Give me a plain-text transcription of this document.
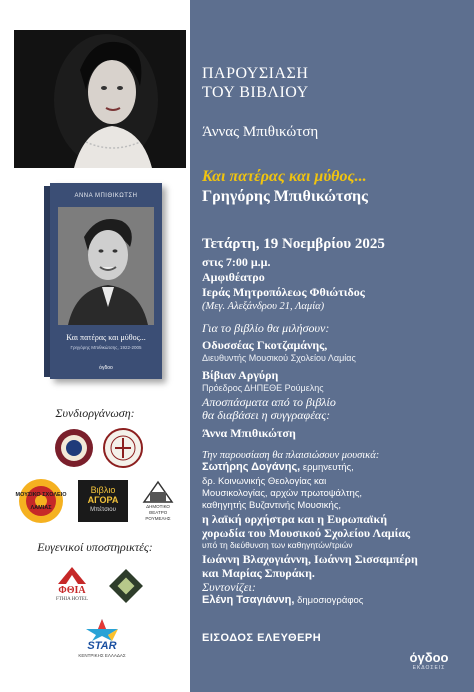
ΑΝΝΑ ΜΠΙΘΙΚΩΤΣΗ
Και πατέρας και μύθος...
Γρηγόρης Μπιθικώτσης, 1922-2005
όγδοο
Συνδιοργάνωση:
ΜΟΥΣΙΚΟ ΣΧΟΛΕΙΟ
ΛΑΜΙΑΣ
Βιβλιο
ΑΓΟΡΑ
Μπέτσιου
ΔΗΜΟΤΙΚΟ
ΘΕΑΤΡΟ
ΡΟΥΜΕΛΗΣ
Ευγενικοί υποστηρικτές:
ΦΘΙΑ
FTHIA HOTEL
STAR
ΚΕΝΤΡΙΚΗΣ ΕΛΛΑΔΑΣ
ΠΑΡΟΥΣΙΑΣΗ
ΤΟΥ ΒΙΒΛΙΟΥ
Άννας Μπιθικώτση
Και πατέρας και μύθος...
Γρηγόρης Μπιθικώτσης
Τετάρτη, 19 Νοεμβρίου 2025
στις 7:00 μ.μ.
Αμφιθέατρο
Ιεράς Μητροπόλεως Φθιώτιδος
(Μεγ. Αλεξάνδρου 21, Λαμία)
Για το βιβλίο θα μιλήσουν:
Οδυσσέας Γκοτζαμάνης,
Διευθυντής Μουσικού Σχολείου Λαμίας
Βίβιαν Αργύρη
Πρόεδρος ΔΗΠΕΘΕ Ρούμελης
Αποσπάσματα από το βιβλίο
θα διαβάσει η συγγραφέας:
Άννα Μπιθικώτση
Την παρουσίαση θα πλαισιώσουν μουσικά:
Σωτήρης Δογάνης, ερμηνευτής,
δρ. Κοινωνικής Θεολογίας και
Μουσικολογίας, αρχών πρωτοψάλτης,
καθηγητής Βυζαντινής Μουσικής,
η λαϊκή ορχήστρα και η Ευρωπαϊκή
χορωδία του Μουσικού Σχολείου Λαμίας
υπό τη διεύθυνση των καθηγητών/τριών
Ιωάννη Βλαχογιάννη, Ιωάννη Σισσαμπέρη
και Μαρίας Σπυράκη.
Συντονίζει:
Ελένη Τσαγιάννη, δημοσιογράφος
ΕΙΣΟΔΟΣ ΕΛΕΥΘΕΡΗ
όγδοο
ΕΚΔΟΣΕΙΣ
